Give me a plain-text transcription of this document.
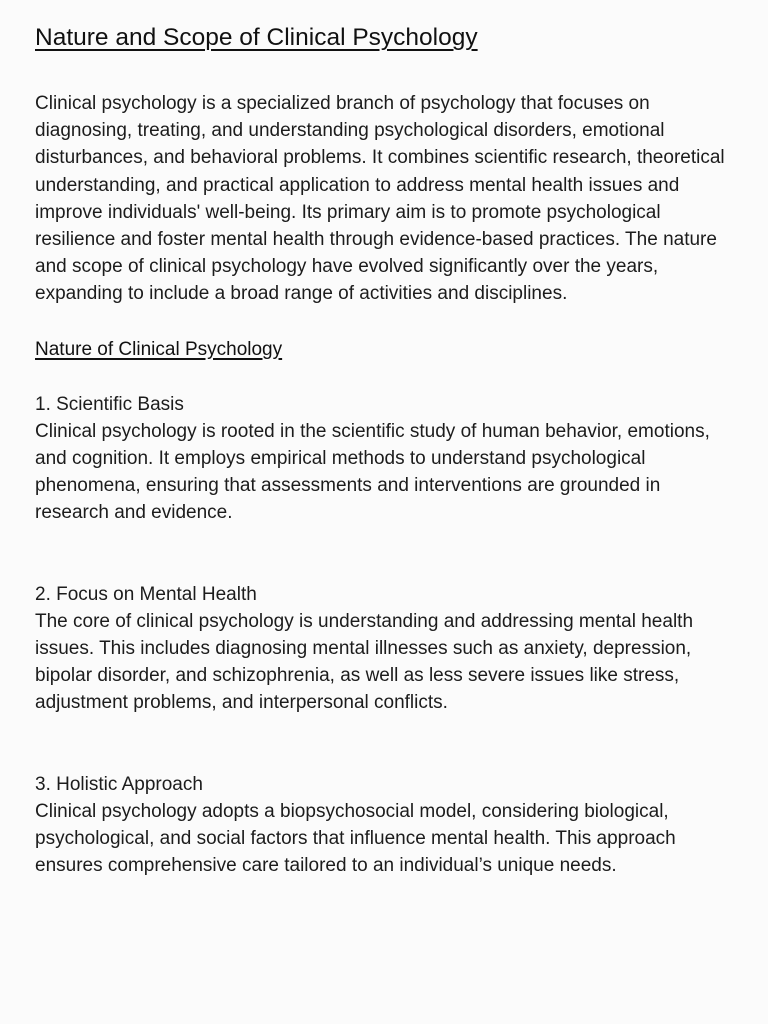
Nature and Scope of Clinical Psychology

Clinical psychology is a specialized branch of psychology that focuses on diagnosing, treating, and understanding psychological disorders, emotional disturbances, and behavioral problems. It combines scientific research, theoretical understanding, and practical application to address mental health issues and improve individuals' well-being. Its primary aim is to promote psychological resilience and foster mental health through evidence-based practices. The nature and scope of clinical psychology have evolved significantly over the years, expanding to include a broad range of activities and disciplines.

Nature of Clinical Psychology
1. Scientific Basis
Clinical psychology is rooted in the scientific study of human behavior, emotions, and cognition. It employs empirical methods to understand psychological phenomena, ensuring that assessments and interventions are grounded in research and evidence.
2. Focus on Mental Health
The core of clinical psychology is understanding and addressing mental health issues. This includes diagnosing mental illnesses such as anxiety, depression, bipolar disorder, and schizophrenia, as well as less severe issues like stress, adjustment problems, and interpersonal conflicts.
3. Holistic Approach
Clinical psychology adopts a biopsychosocial model, considering biological, psychological, and social factors that influence mental health. This approach ensures comprehensive care tailored to an individual’s unique needs.
